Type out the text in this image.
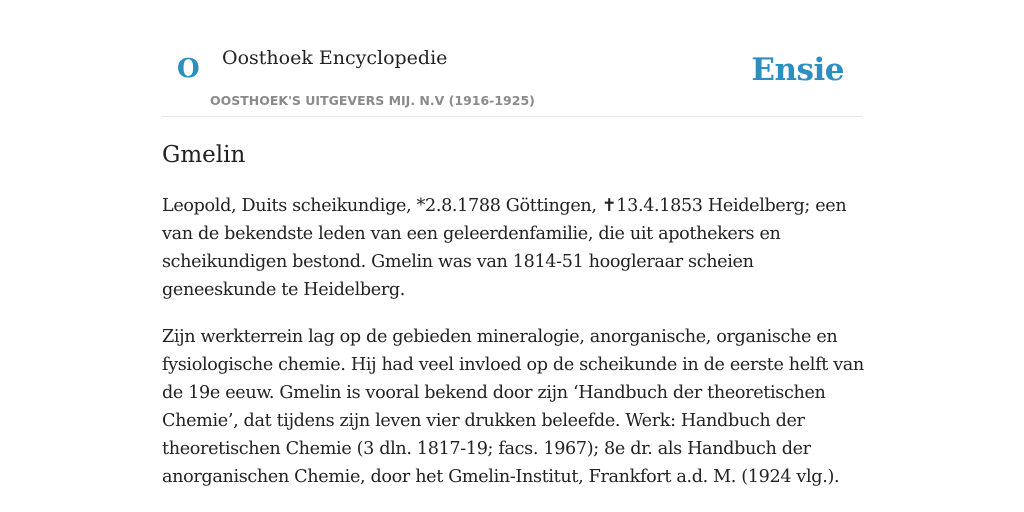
O Oosthoek Encyclopedie
OOSTHOEK'S UITGEVERS MIJ. N.V (1916-1925)
Ensie
Gmelin

Leopold, Duits scheikundige, *2.8.1788 Göttingen, ✝13.4.1853 Heidelberg; een van de bekendste leden van een geleerdenfamilie, die uit apothekers en scheikundigen bestond. Gmelin was van 1814-51 hoogleraar scheien geneeskunde te Heidelberg.

Zijn werkterrein lag op de gebieden mineralogie, anorganische, organische en fysiologische chemie. Hij had veel invloed op de scheikunde in de eerste helft van de 19e eeuw. Gmelin is vooral bekend door zijn ‘Handbuch der theoretischen Chemie’, dat tijdens zijn leven vier drukken beleefde. Werk: Handbuch der theoretischen Chemie (3 dln. 1817-19; facs. 1967); 8e dr. als Handbuch der anorganischen Chemie, door het Gmelin-Institut, Frankfort a.d. M. (1924 vlg.).
